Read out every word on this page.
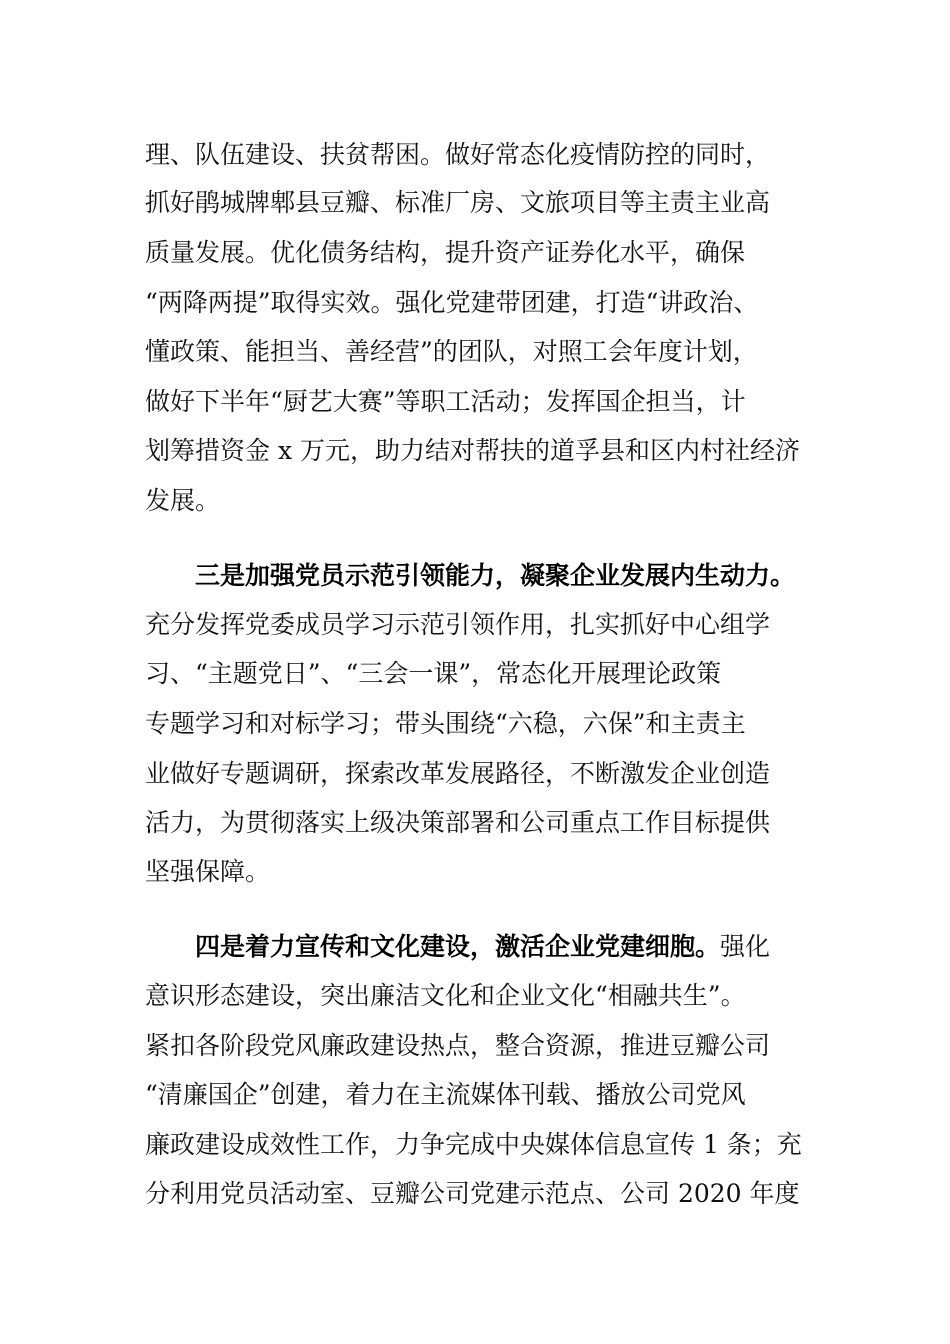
理、队伍建设、扶贫帮困。做好常态化疫情防控的同时，

抓好鹃城牌郫县豆瓣、标准厂房、文旅项目等主责主业高

质量发展。优化债务结构，提升资产证券化水平，确保

“两降两提”取得实效。强化党建带团建，打造“讲政治、

懂政策、能担当、善经营”的团队，对照工会年度计划，

做好下半年“厨艺大赛”等职工活动；发挥国企担当，计

划筹措资金 x 万元，助力结对帮扶的道孚县和区内村社经济

发展。

三是加强党员示范引领能力，凝聚企业发展内生动力。

充分发挥党委成员学习示范引领作用，扎实抓好中心组学

习、“主题党日”、“三会一课”，常态化开展理论政策

专题学习和对标学习；带头围绕“六稳，六保”和主责主

业做好专题调研，探索改革发展路径，不断激发企业创造

活力，为贯彻落实上级决策部署和公司重点工作目标提供

坚强保障。

四是着力宣传和文化建设，激活企业党建细胞。强化

意识形态建设，突出廉洁文化和企业文化“相融共生”。

紧扣各阶段党风廉政建设热点，整合资源，推进豆瓣公司

“清廉国企”创建，着力在主流媒体刊载、播放公司党风

廉政建设成效性工作，力争完成中央媒体信息宣传 1 条；充

分利用党员活动室、豆瓣公司党建示范点、公司 2020 年度
